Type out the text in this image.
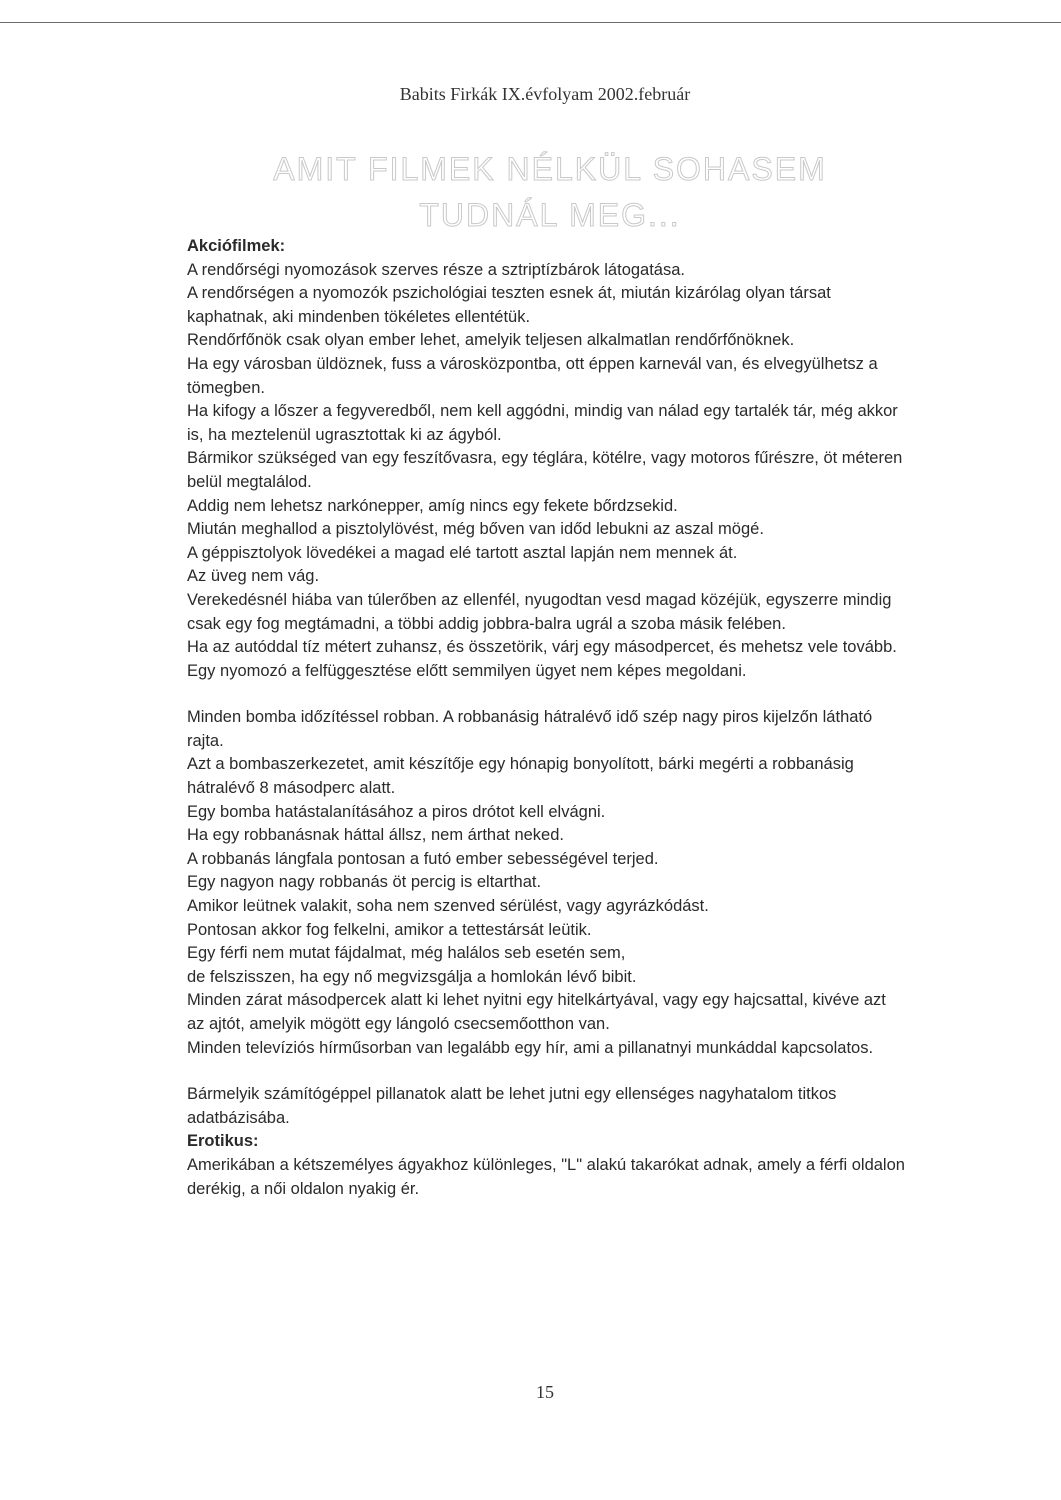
Babits Firkák IX.évfolyam 2002.február
AMIT FILMEK NÉLKÜL SOHASEM TUDNÁL MEG...

Akciófilmek:

A rendőrségi nyomozások szerves része a sztriptízbárok látogatása.

A rendőrségen a nyomozók pszichológiai teszten esnek át, miután kizárólag olyan társat kaphatnak, aki mindenben tökéletes ellentétük.

Rendőrfőnök csak olyan ember lehet, amelyik teljesen alkalmatlan rendőrfőnöknek.

Ha egy városban üldöznek, fuss a városközpontba, ott éppen karnevál van, és elvegyülhetsz a tömegben.

Ha kifogy a lőszer a fegyveredből, nem kell aggódni, mindig van nálad egy tartalék tár, még akkor is, ha meztelenül ugrasztottak ki az ágyból.

Bármikor szükséged van egy feszítővasra, egy téglára, kötélre, vagy motoros fűrészre, öt méteren belül megtalálod.

Addig nem lehetsz narkónepper, amíg nincs egy fekete bőrdzsekid.

Miután meghallod a pisztolylövést, még bőven van időd lebukni az aszal mögé.

A géppisztolyok lövedékei a magad elé tartott asztal lapján nem mennek át.

Az üveg nem vág.

Verekedésnél hiába van túlerőben az ellenfél, nyugodtan vesd magad közéjük, egyszerre mindig csak egy fog megtámadni, a többi addig jobbra-balra ugrál a szoba másik felében.

Ha az autóddal tíz métert zuhansz, és összetörik, várj egy másodpercet, és mehetsz vele tovább.

Egy nyomozó a felfüggesztése előtt semmilyen ügyet nem képes megoldani.

Minden bomba időzítéssel robban. A robbanásig hátralévő idő szép nagy piros kijelzőn látható rajta.

Azt a bombaszerkezetet, amit készítője egy hónapig bonyolított, bárki megérti a robbanásig hátralévő 8 másodperc alatt.

Egy bomba hatástalanításához a piros drótot kell elvágni.

Ha egy robbanásnak háttal állsz, nem árthat neked.

A robbanás lángfala pontosan a futó ember sebességével terjed.

Egy nagyon nagy robbanás öt percig is eltarthat.

Amikor leütnek valakit, soha nem szenved sérülést, vagy agyrázkódást.

Pontosan akkor fog felkelni, amikor a tettestársát leütik.

Egy férfi nem mutat fájdalmat, még halálos seb esetén sem,

de felszisszen, ha egy nő megvizsgálja a homlokán lévő bibit.

Minden zárat másodpercek alatt ki lehet nyitni egy hitelkártyával, vagy egy hajcsattal, kivéve azt az ajtót, amelyik mögött egy lángoló csecsemőotthon van.

Minden televíziós hírműsorban van legalább egy hír, ami a pillanatnyi munkáddal kapcsolatos.

Bármelyik számítógéppel pillanatok alatt be lehet jutni egy ellenséges nagyhatalom titkos adatbázisába.

Erotikus:

Amerikában a kétszemélyes ágyakhoz különleges, "L" alakú takarókat adnak, amely a férfi oldalon derékig, a női oldalon nyakig ér.

15
